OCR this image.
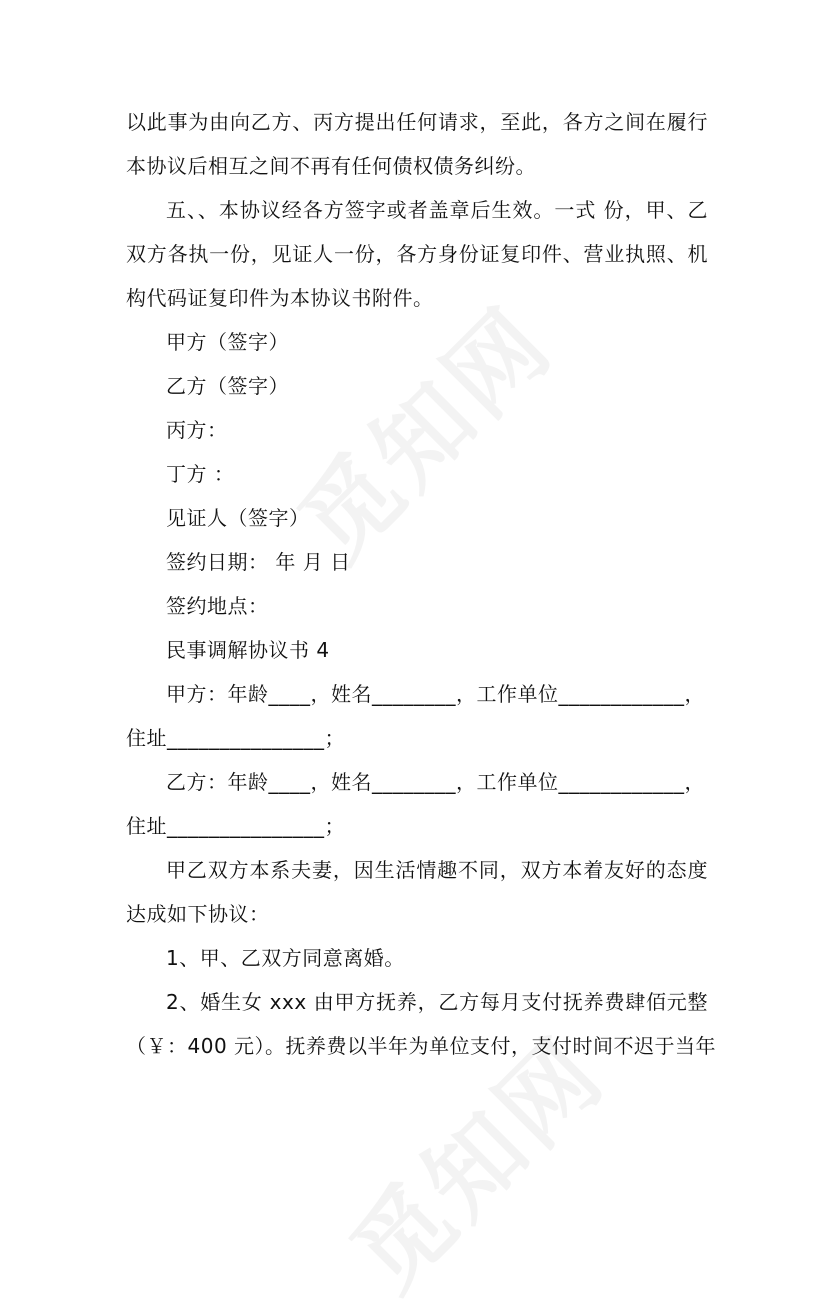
以此事为由向乙方、丙方提出任何请求，至此，各方之间在履行
本协议后相互之间不再有任何债权债务纠纷。
五、、本协议经各方签字或者盖章后生效。一式 份，甲、乙
双方各执一份，见证人一份，各方身份证复印件、营业执照、机
构代码证复印件为本协议书附件。
甲方（签字）
乙方（签字）
丙方：
丁方 ：
见证人（签字）
签约日期： 年 月 日
签约地点：
民事调解协议书 4
甲方：年龄____，姓名________，工作单位____________，
住址_______________；
乙方：年龄____，姓名________，工作单位____________，
住址_______________；
甲乙双方本系夫妻，因生活情趣不同，双方本着友好的态度
达成如下协议：
1、甲、乙双方同意离婚。
2、婚生女 xxx 由甲方抚养，乙方每月支付抚养费肆佰元整
（￥：400 元）。抚养费以半年为单位支付，支付时间不迟于当年
